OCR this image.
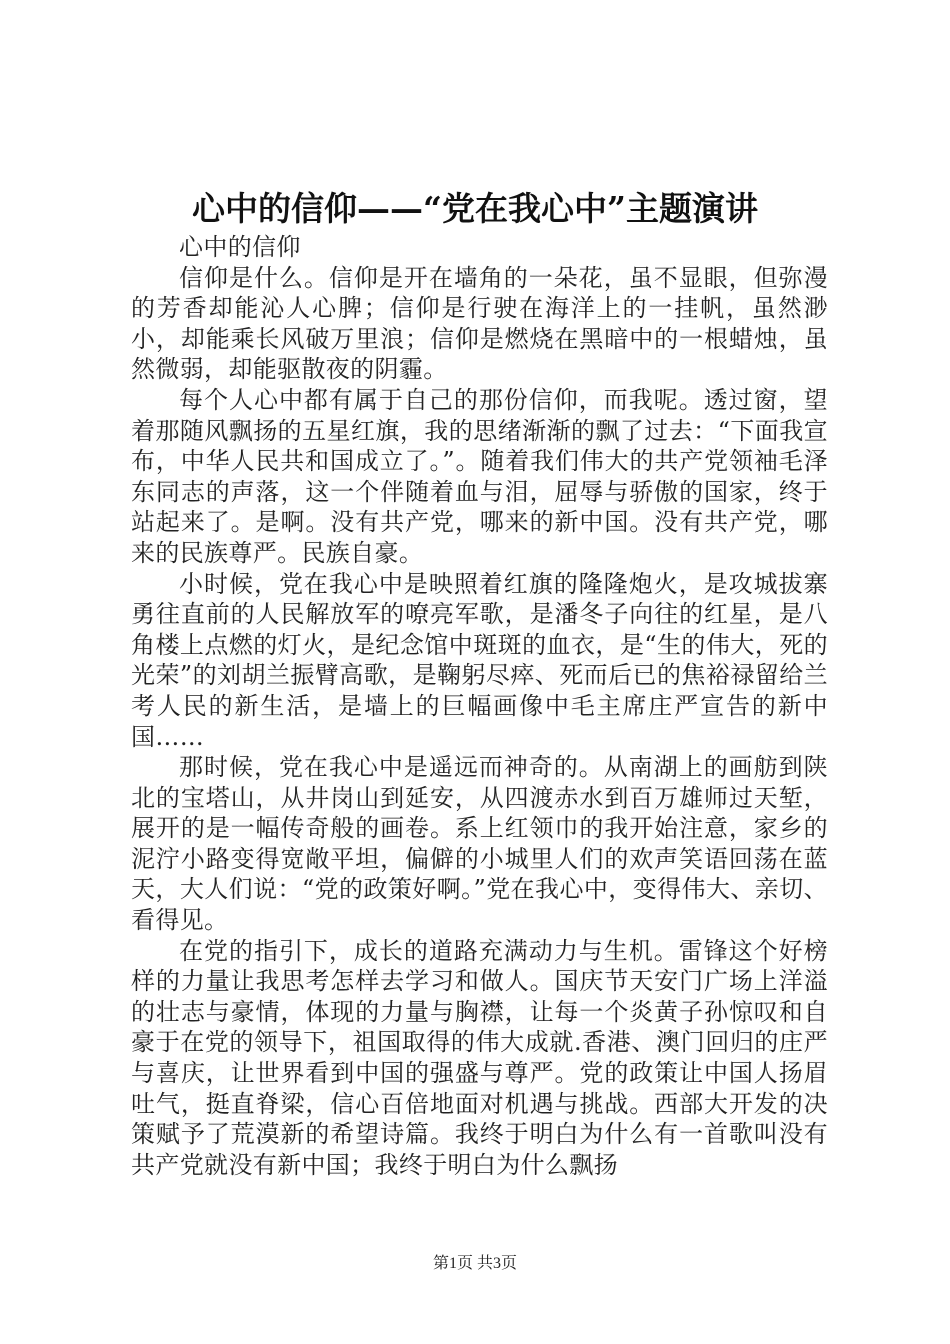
心中的信仰——“党在我心中”主题演讲

心中的信仰

信仰是什么。信仰是开在墙角的一朵花，虽不显眼，但弥漫的芳香却能沁人心脾；信仰是行驶在海洋上的一挂帆，虽然渺小，却能乘长风破万里浪；信仰是燃烧在黑暗中的一根蜡烛，虽然微弱，却能驱散夜的阴霾。

每个人心中都有属于自己的那份信仰，而我呢。透过窗，望着那随风飘扬的五星红旗，我的思绪渐渐的飘了过去：“下面我宣布，中华人民共和国成立了。”。随着我们伟大的共产党领袖毛泽东同志的声落，这一个伴随着血与泪，屈辱与骄傲的国家，终于站起来了。是啊。没有共产党，哪来的新中国。没有共产党，哪来的民族尊严。民族自豪。

小时候，党在我心中是映照着红旗的隆隆炮火，是攻城拔寨勇往直前的人民解放军的嘹亮军歌，是潘冬子向往的红星，是八角楼上点燃的灯火，是纪念馆中斑斑的血衣，是“生的伟大，死的光荣”的刘胡兰振臂高歌，是鞠躬尽瘁、死而后已的焦裕禄留给兰考人民的新生活，是墙上的巨幅画像中毛主席庄严宣告的新中国……

那时候，党在我心中是遥远而神奇的。从南湖上的画舫到陕北的宝塔山，从井岗山到延安，从四渡赤水到百万雄师过天堑，展开的是一幅传奇般的画卷。系上红领巾的我开始注意，家乡的泥泞小路变得宽敞平坦，偏僻的小城里人们的欢声笑语回荡在蓝天，大人们说：“党的政策好啊。”党在我心中，变得伟大、亲切、看得见。

在党的指引下，成长的道路充满动力与生机。雷锋这个好榜样的力量让我思考怎样去学习和做人。国庆节天安门广场上洋溢的壮志与豪情，体现的力量与胸襟，让每一个炎黄子孙惊叹和自豪于在党的领导下，祖国取得的伟大成就.香港、澳门回归的庄严与喜庆，让世界看到中国的强盛与尊严。党的政策让中国人扬眉吐气，挺直脊梁，信心百倍地面对机遇与挑战。西部大开发的决策赋予了荒漠新的希望诗篇。我终于明白为什么有一首歌叫没有共产党就没有新中国；我终于明白为什么飘扬

第1页 共3页
